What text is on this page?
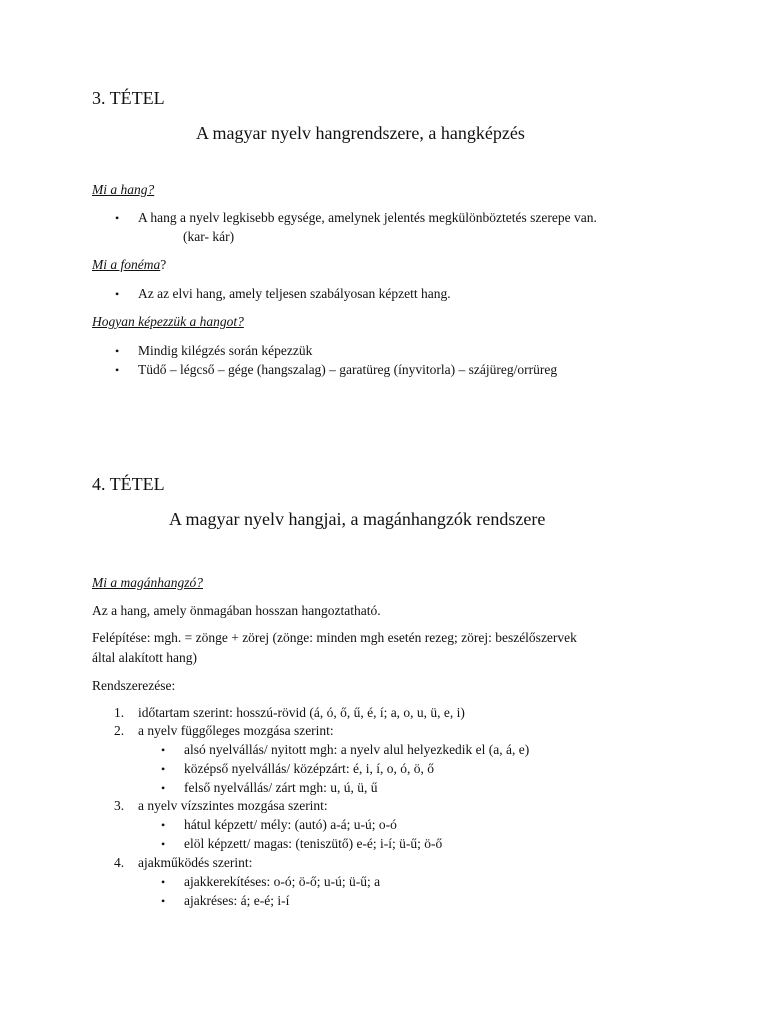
3. TÉTEL
A magyar nyelv hangrendszere, a hangképzés
Mi a hang?
• A hang a nyelv legkisebb egysége, amelynek jelentés megkülönböztetés szerepe van.
(kar- kár)
Mi a fonéma?
• Az az elvi hang, amely teljesen szabályosan képzett hang.
Hogyan képezzük a hangot?
• Mindig kilégzés során képezzük
• Tüdő – légcső – gége (hangszalag) – garatüreg (ínyvitorla) – szájüreg/orrüreg
4. TÉTEL
A magyar nyelv hangjai, a magánhangzók rendszere
Mi a magánhangzó?
Az a hang, amely önmagában hosszan hangoztatható.
Felépítése: mgh. = zönge + zörej (zönge: minden mgh esetén rezeg; zörej: beszélőszervek
által alakított hang)
Rendszerezése:
1. időtartam szerint: hosszú-rövid (á, ó, ő, ű, é, í; a, o, u, ü, e, i)
2. a nyelv függőleges mozgása szerint:
• alsó nyelvállás/ nyitott mgh: a nyelv alul helyezkedik el (a, á, e)
• középső nyelvállás/ középzárt: é, i, í, o, ó, ö, ő
• felső nyelvállás/ zárt mgh: u, ú, ü, ű
3. a nyelv vízszintes mozgása szerint:
• hátul képzett/ mély: (autó) a-á; u-ú; o-ó
• elöl képzett/ magas: (teniszütő) e-é; i-í; ü-ű; ö-ő
4. ajakműködés szerint:
• ajakkerekítéses: o-ó; ö-ő; u-ú; ü-ű; a
• ajakréses: á; e-é; i-í
